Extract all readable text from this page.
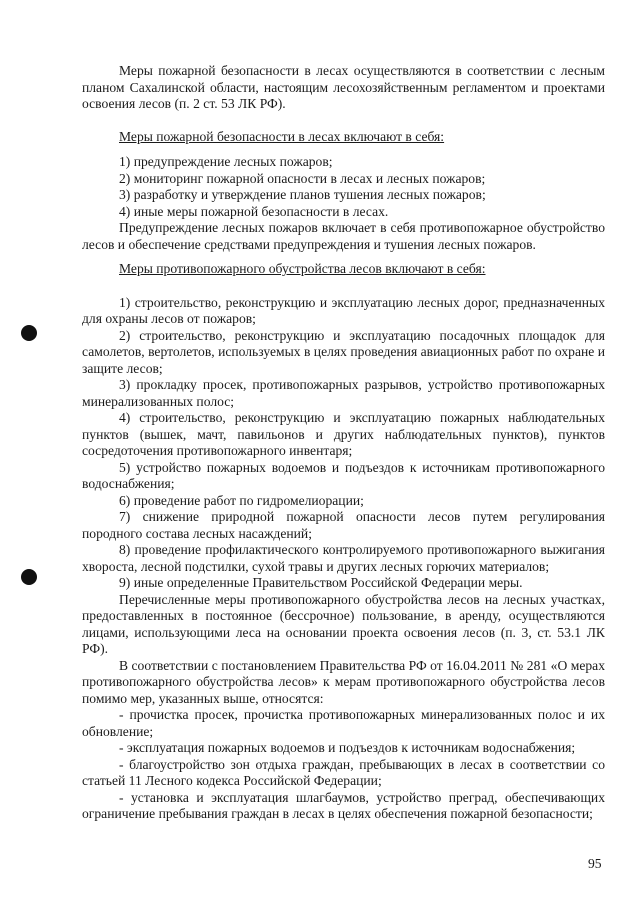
Меры пожарной безопасности в лесах осуществляются в соответствии с лесным планом Сахалинской области, настоящим лесохозяйственным регламентом и проектами освоения лесов (п. 2 ст. 53 ЛК РФ).

Меры пожарной безопасности в лесах включают в себя:

1) предупреждение лесных пожаров;

2) мониторинг пожарной опасности в лесах и лесных пожаров;

3) разработку и утверждение планов тушения лесных пожаров;

4) иные меры пожарной безопасности в лесах.

Предупреждение лесных пожаров включает в себя противопожарное обустройство лесов и обеспечение средствами предупреждения и тушения лесных пожаров.

Меры противопожарного обустройства лесов включают в себя:

1) строительство, реконструкцию и эксплуатацию лесных дорог, предназначенных для охраны лесов от пожаров;

2) строительство, реконструкцию и эксплуатацию посадочных площадок для самолетов, вертолетов, используемых в целях проведения авиационных работ по охране и защите лесов;

3) прокладку просек, противопожарных разрывов, устройство противопожарных минерализованных полос;

4) строительство, реконструкцию и эксплуатацию пожарных наблюдательных пунктов (вышек, мачт, павильонов и других наблюдательных пунктов), пунктов сосредоточения противопожарного инвентаря;

5) устройство пожарных водоемов и подъездов к источникам противопожарного водоснабжения;

6) проведение работ по гидромелиорации;

7) снижение природной пожарной опасности лесов путем регулирования породного состава лесных насаждений;

8) проведение профилактического контролируемого противопожарного выжигания хвороста, лесной подстилки, сухой травы и других лесных горючих материалов;

9) иные определенные Правительством Российской Федерации меры.

Перечисленные меры противопожарного обустройства лесов на лесных участках, предоставленных в постоянное (бессрочное) пользование, в аренду, осуществляются лицами, использующими леса на основании проекта освоения лесов (п. 3, ст. 53.1 ЛК РФ).

В соответствии с постановлением Правительства РФ от 16.04.2011 № 281 «О мерах противопожарного обустройства лесов» к мерам противопожарного обустройства лесов помимо мер, указанных выше, относятся:

- прочистка просек, прочистка противопожарных минерализованных полос и их обновление;

- эксплуатация пожарных водоемов и подъездов к источникам водоснабжения;

- благоустройство зон отдыха граждан, пребывающих в лесах в соответствии со статьей 11 Лесного кодекса Российской Федерации;

- установка и эксплуатация шлагбаумов, устройство преград, обеспечивающих ограничение пребывания граждан в лесах в целях обеспечения пожарной безопасности;

95
